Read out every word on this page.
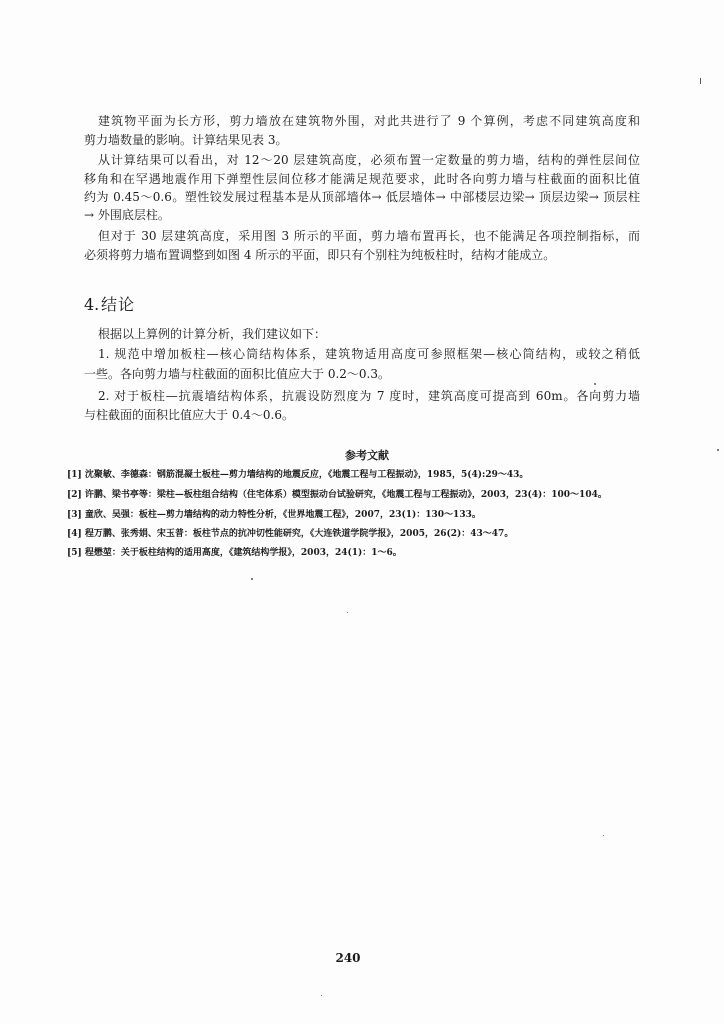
建筑物平面为长方形，剪力墙放在建筑物外围，对此共进行了 9 个算例，考虑不同建筑高度和
剪力墙数量的影响。计算结果见表 3。
从计算结果可以看出，对 12～20 层建筑高度，必须布置一定数量的剪力墙，结构的弹性层间位
移角和在罕遇地震作用下弹塑性层间位移才能满足规范要求，此时各向剪力墙与柱截面的面积比值
约为 0.45～0.6。塑性铰发展过程基本是从顶部墙体→ 低层墙体→ 中部楼层边梁→ 顶层边梁→ 顶层柱
→ 外围底层柱。
但对于 30 层建筑高度，采用图 3 所示的平面，剪力墙布置再长，也不能满足各项控制指标，而
必须将剪力墙布置调整到如图 4 所示的平面，即只有个别柱为纯板柱时，结构才能成立。
4. 结论
根据以上算例的计算分析，我们建议如下：
1. 规范中增加板柱—核心筒结构体系，建筑物适用高度可参照框架—核心筒结构，或较之稍低
一些。各向剪力墙与柱截面的面积比值应大于 0.2～0.3。
2. 对于板柱—抗震墙结构体系，抗震设防烈度为 7 度时，建筑高度可提高到 60m。各向剪力墙
与柱截面的面积比值应大于 0.4～0.6。
参考文献
[1] 沈聚敏、李德森：钢筋混凝土板柱—剪力墙结构的地震反应，《地震工程与工程振动》，1985，5(4):29～43。
[2] 许鹏、梁书亭等：梁柱—板柱组合结构（住宅体系）模型振动台试验研究，《地震工程与工程振动》，2003，23(4)：100～104。
[3] 童欣、吴强：板柱—剪力墙结构的动力特性分析，《世界地震工程》，2007，23(1)：130～133。
[4] 程万鹏、张秀娟、宋玉普：板柱节点的抗冲切性能研究，《大连铁道学院学报》，2005，26(2)：43～47。
[5] 程懋堃：关于板柱结构的适用高度，《建筑结构学报》，2003，24(1)：1～6。
240
